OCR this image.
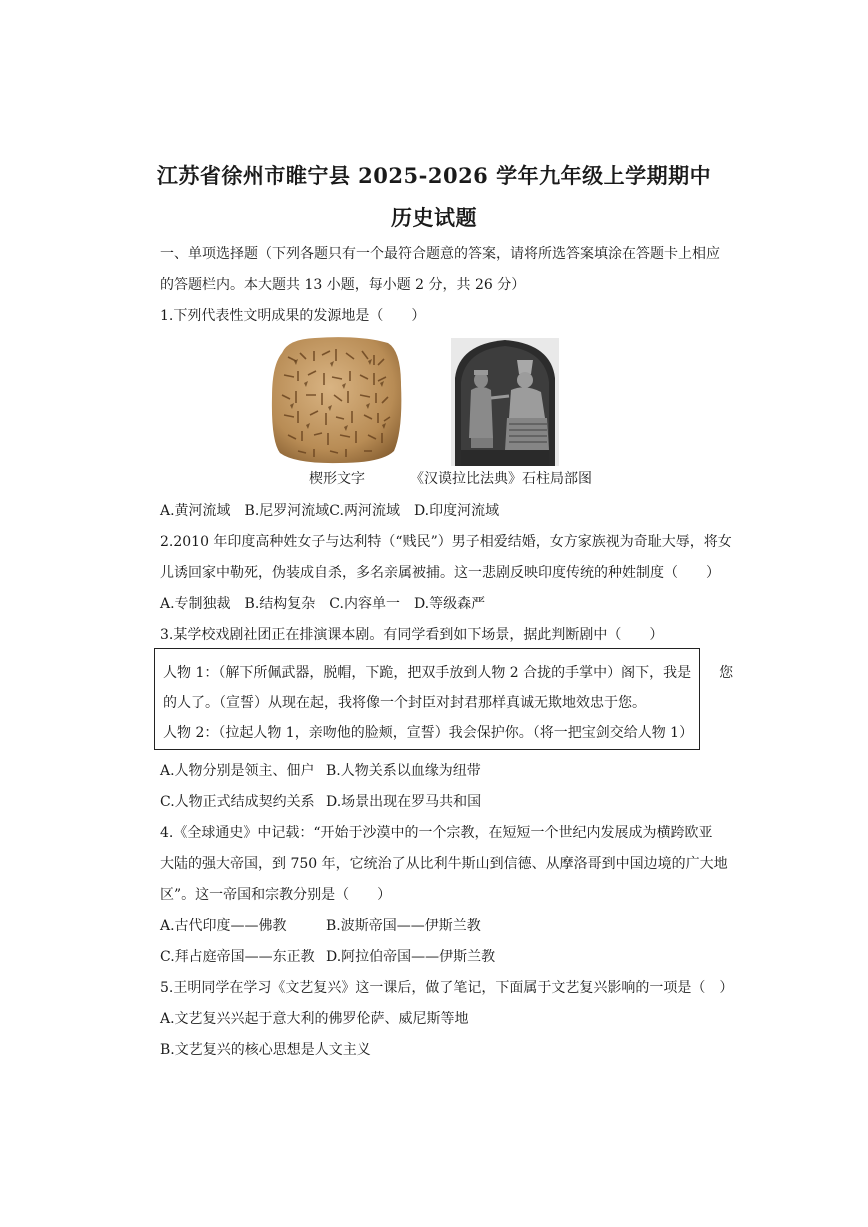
江苏省徐州市睢宁县 2025-2026 学年九年级上学期期中
历史试题
一、单项选择题（下列各题只有一个最符合题意的答案，请将所选答案填涂在答题卡上相应
的答题栏内。本大题共 13 小题，每小题 2 分，共 26 分）
1.下列代表性文明成果的发源地是（　　）
楔形文字	《汉谟拉比法典》石柱局部图
A.黄河流域　B.尼罗河流域C.两河流域　D.印度河流域
2.2010 年印度高种姓女子与达利特（“贱民”）男子相爱结婚，女方家族视为奇耻大辱，将女
儿诱回家中勒死，伪装成自杀，多名亲属被捕。这一悲剧反映印度传统的种姓制度（　　）
A.专制独裁　B.结构复杂　C.内容单一　D.等级森严
3.某学校戏剧社团正在排演课本剧。有同学看到如下场景，据此判断剧中（　　）
人物 1：（解下所佩武器，脱帽，下跪，把双手放到人物 2 合拢的手掌中）阁下，我是　　您
的人了。（宣誓）从现在起，我将像一个封臣对封君那样真诚无欺地效忠于您。
人物 2：（拉起人物 1，亲吻他的脸颊，宣誓）我会保护你。（将一把宝剑交给人物 1）
A.人物分别是领主、佃户 B.人物关系以血缘为纽带
C.人物正式结成契约关系 D.场景出现在罗马共和国
4.《全球通史》中记载：“开始于沙漠中的一个宗教，在短短一个世纪内发展成为横跨欧亚
大陆的强大帝国，到 750 年，它统治了从比利牛斯山到信德、从摩洛哥到中国边境的广大地
区”。这一帝国和宗教分别是（　　）
A.古代印度——佛教	B.波斯帝国——伊斯兰教
C.拜占庭帝国——东正教 D.阿拉伯帝国——伊斯兰教
5.王明同学在学习《文艺复兴》这一课后，做了笔记，下面属于文艺复兴影响的一项是（　）
A.文艺复兴兴起于意大利的佛罗伦萨、威尼斯等地
B.文艺复兴的核心思想是人文主义
